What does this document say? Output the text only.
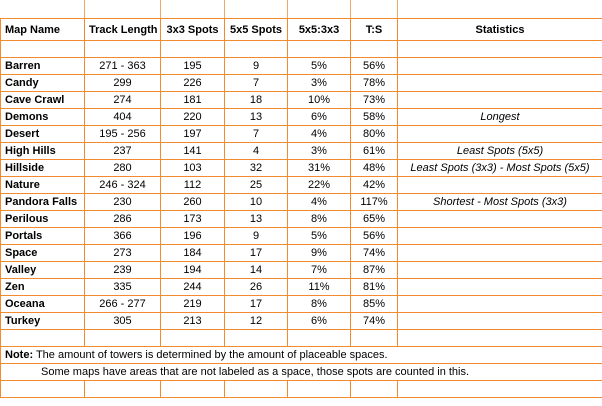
Map Name	Track Length	3x3 Spots	5x5 Spots	5x5:3x3	T:S	Statistics

Barren	271 - 363	195	9	5%	56%	
Candy	299	226	7	3%	78%	
Cave Crawl	274	181	18	10%	73%	
Demons	404	220	13	6%	58%	Longest
Desert	195 - 256	197	7	4%	80%	
High Hills	237	141	4	3%	61%	Least Spots (5x5)
Hillside	280	103	32	31%	48%	Least Spots (3x3) - Most Spots (5x5)
Nature	246 - 324	112	25	22%	42%	
Pandora Falls	230	260	10	4%	117%	Shortest - Most Spots (3x3)
Perilous	286	173	13	8%	65%	
Portals	366	196	9	5%	56%	
Space	273	184	17	9%	74%	
Valley	239	194	14	7%	87%	
Zen	335	244	26	11%	81%	
Oceana	266 - 277	219	17	8%	85%	
Turkey	305	213	12	6%	74%	

Note: The amount of towers is determined by the amount of placeable spaces.						
Some maps have areas that are not labeled as a space, those spots are counted in this.						
